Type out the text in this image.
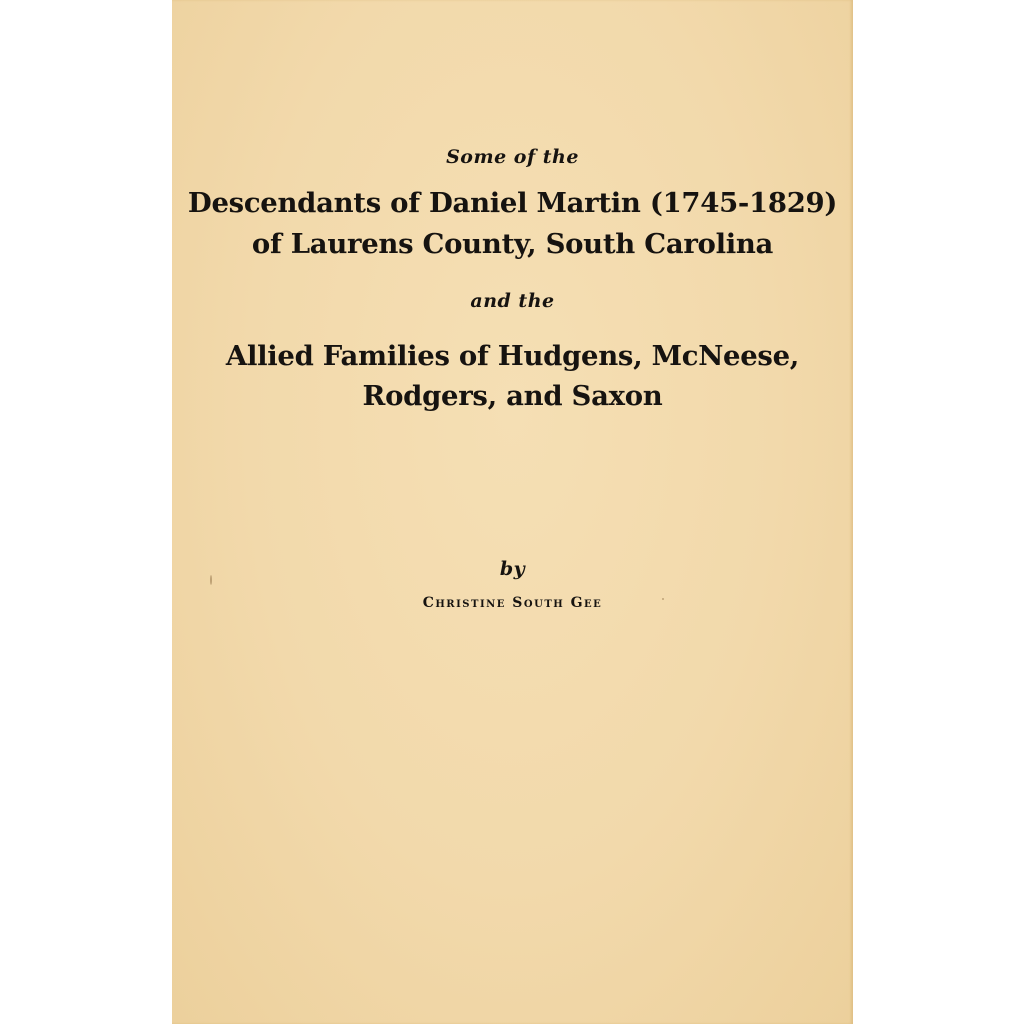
Some of the
Descendants of Daniel Martin (1745-1829)
of Laurens County, South Carolina
and the
Allied Families of Hudgens, McNeese,
Rodgers, and Saxon
by
Christine South Gee
